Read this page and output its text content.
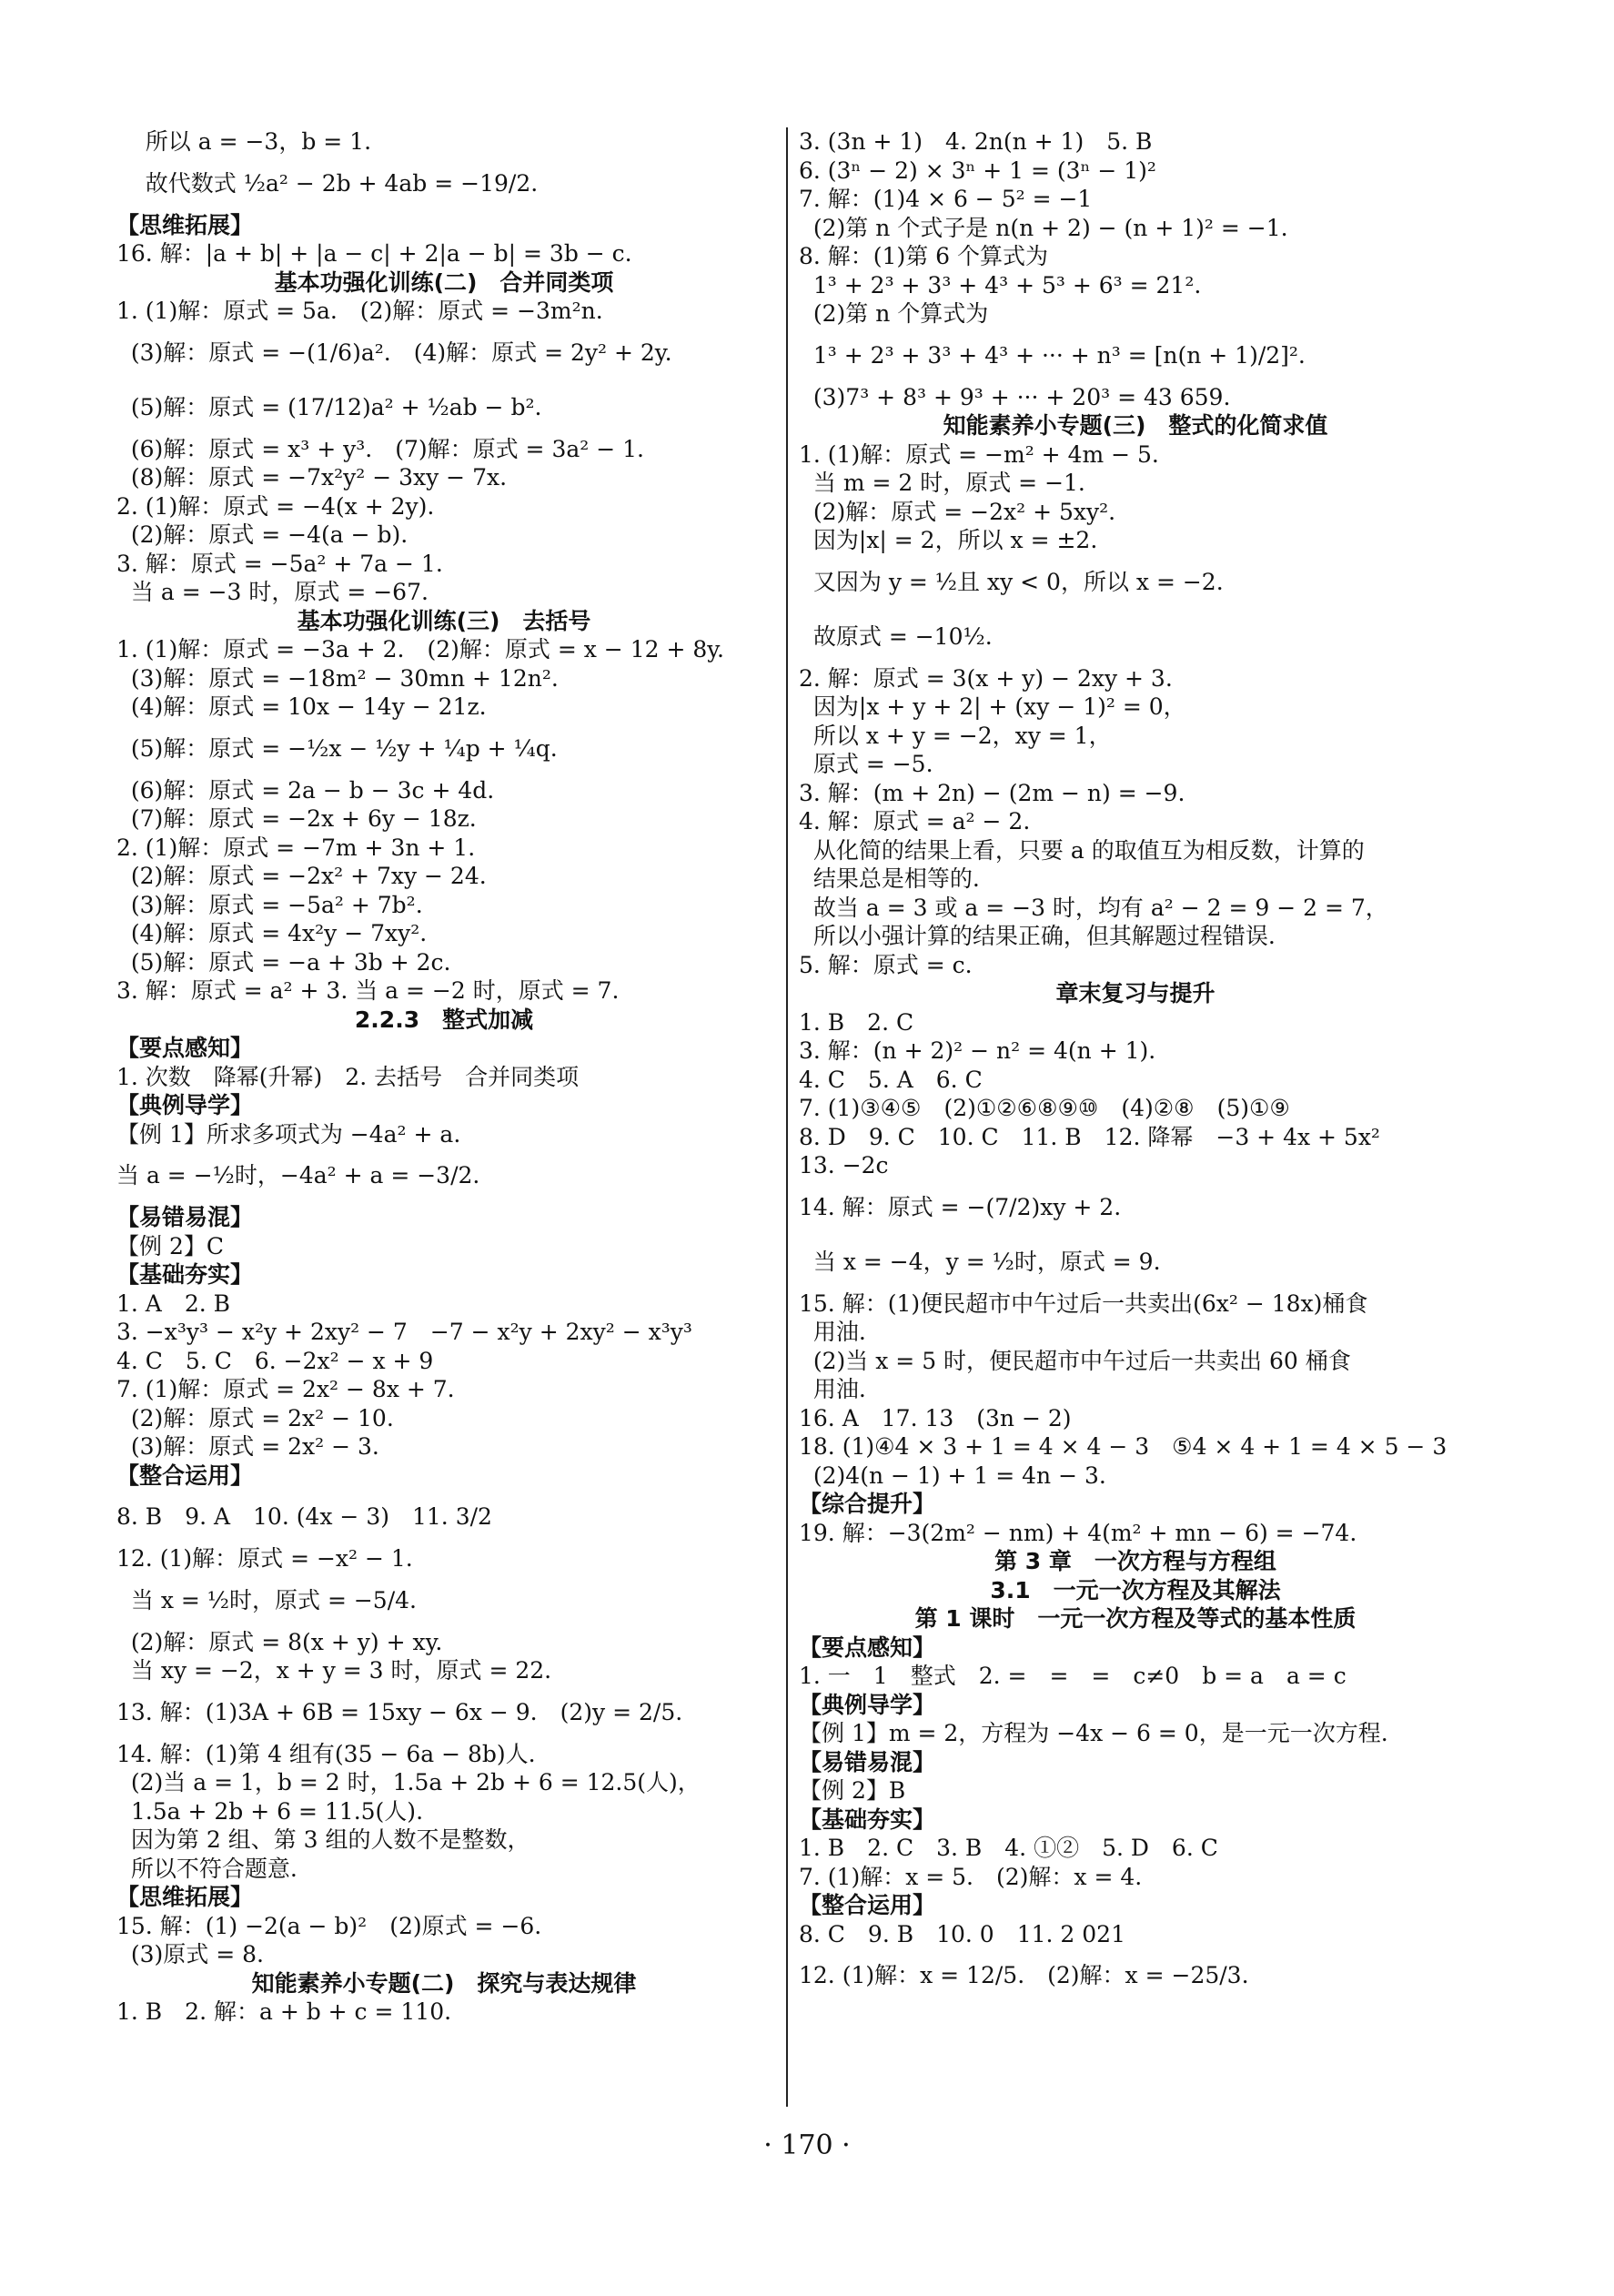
所以 a = −3，b = 1.
故代数式 ½a² − 2b + 4ab = −19/2.
【思维拓展】
16. 解：|a + b| + |a − c| + 2|a − b| = 3b − c.
基本功强化训练(二)　合并同类项
1. (1)解：原式 = 5a.　(2)解：原式 = −3m²n.
(3)解：原式 = −(1/6)a².　(4)解：原式 = 2y² + 2y.
(5)解：原式 = (17/12)a² + ½ab − b².
(6)解：原式 = x³ + y³.　(7)解：原式 = 3a² − 1.
(8)解：原式 = −7x²y² − 3xy − 7x.
2. (1)解：原式 = −4(x + 2y).
(2)解：原式 = −4(a − b).
3. 解：原式 = −5a² + 7a − 1.
当 a = −3 时，原式 = −67.
基本功强化训练(三)　去括号
1. (1)解：原式 = −3a + 2.　(2)解：原式 = x − 12 + 8y.
(3)解：原式 = −18m² − 30mn + 12n².
(4)解：原式 = 10x − 14y − 21z.
(5)解：原式 = −½x − ½y + ¼p + ¼q.
(6)解：原式 = 2a − b − 3c + 4d.
(7)解：原式 = −2x + 6y − 18z.
2. (1)解：原式 = −7m + 3n + 1.
(2)解：原式 = −2x² + 7xy − 24.
(3)解：原式 = −5a² + 7b².
(4)解：原式 = 4x²y − 7xy².
(5)解：原式 = −a + 3b + 2c.
3. 解：原式 = a² + 3. 当 a = −2 时，原式 = 7.
2.2.3　整式加减
【要点感知】
1. 次数　降幂(升幂)　2. 去括号　合并同类项
【典例导学】
【例 1】所求多项式为 −4a² + a.
当 a = −½时，−4a² + a = −3/2.
【易错易混】
【例 2】C
【基础夯实】
1. A　2. B
3. −x³y³ − x²y + 2xy² − 7　−7 − x²y + 2xy² − x³y³
4. C　5. C　6. −2x² − x + 9
7. (1)解：原式 = 2x² − 8x + 7.
(2)解：原式 = 2x² − 10.
(3)解：原式 = 2x² − 3.
【整合运用】
8. B　9. A　10. (4x − 3)　11. 3/2
12. (1)解：原式 = −x² − 1.
当 x = ½时，原式 = −5/4.
(2)解：原式 = 8(x + y) + xy.
当 xy = −2，x + y = 3 时，原式 = 22.
13. 解：(1)3A + 6B = 15xy − 6x − 9.　(2)y = 2/5.
14. 解：(1)第 4 组有(35 − 6a − 8b)人.
(2)当 a = 1，b = 2 时，1.5a + 2b + 6 = 12.5(人)，
1.5a + 2b + 6 = 11.5(人).
因为第 2 组、第 3 组的人数不是整数，
所以不符合题意.
【思维拓展】
15. 解：(1) −2(a − b)²　(2)原式 = −6.
(3)原式 = 8.
知能素养小专题(二)　探究与表达规律
1. B　2. 解：a + b + c = 110.
3. (3n + 1)　4. 2n(n + 1)　5. B
6. (3ⁿ − 2) × 3ⁿ + 1 = (3ⁿ − 1)²
7. 解：(1)4 × 6 − 5² = −1
(2)第 n 个式子是 n(n + 2) − (n + 1)² = −1.
8. 解：(1)第 6 个算式为
1³ + 2³ + 3³ + 4³ + 5³ + 6³ = 21².
(2)第 n 个算式为
1³ + 2³ + 3³ + 4³ + ··· + n³ = [n(n + 1)/2]².
(3)7³ + 8³ + 9³ + ··· + 20³ = 43 659.
知能素养小专题(三)　整式的化简求值
1. (1)解：原式 = −m² + 4m − 5.
当 m = 2 时，原式 = −1.
(2)解：原式 = −2x² + 5xy².
因为|x| = 2，所以 x = ±2.
又因为 y = ½且 xy < 0，所以 x = −2.
故原式 = −10½.
2. 解：原式 = 3(x + y) − 2xy + 3.
因为|x + y + 2| + (xy − 1)² = 0，
所以 x + y = −2，xy = 1，
原式 = −5.
3. 解：(m + 2n) − (2m − n) = −9.
4. 解：原式 = a² − 2.
从化简的结果上看，只要 a 的取值互为相反数，计算的
结果总是相等的.
故当 a = 3 或 a = −3 时，均有 a² − 2 = 9 − 2 = 7，
所以小强计算的结果正确，但其解题过程错误.
5. 解：原式 = c.
章末复习与提升
1. B　2. C
3. 解：(n + 2)² − n² = 4(n + 1).
4. C　5. A　6. C
7. (1)③④⑤　(2)①②⑥⑧⑨⑩　(4)②⑧　(5)①⑨
8. D　9. C　10. C　11. B　12. 降幂　−3 + 4x + 5x²
13. −2c
14. 解：原式 = −(7/2)xy + 2.
当 x = −4，y = ½时，原式 = 9.
15. 解：(1)便民超市中午过后一共卖出(6x² − 18x)桶食
用油.
(2)当 x = 5 时，便民超市中午过后一共卖出 60 桶食
用油.
16. A　17. 13　(3n − 2)
18. (1)④4 × 3 + 1 = 4 × 4 − 3　⑤4 × 4 + 1 = 4 × 5 − 3
(2)4(n − 1) + 1 = 4n − 3.
【综合提升】
19. 解：−3(2m² − nm) + 4(m² + mn − 6) = −74.
第 3 章　一次方程与方程组
3.1　一元一次方程及其解法
第 1 课时　一元一次方程及等式的基本性质
【要点感知】
1. 一　1　整式　2. =　=　=　c≠0　b = a　a = c
【典例导学】
【例 1】m = 2，方程为 −4x − 6 = 0，是一元一次方程.
【易错易混】
【例 2】B
【基础夯实】
1. B　2. C　3. B　4. ①②　5. D　6. C
7. (1)解：x = 5.　(2)解：x = 4.
【整合运用】
8. C　9. B　10. 0　11. 2 021
12. (1)解：x = 12/5.　(2)解：x = −25/3.
· 170 ·
